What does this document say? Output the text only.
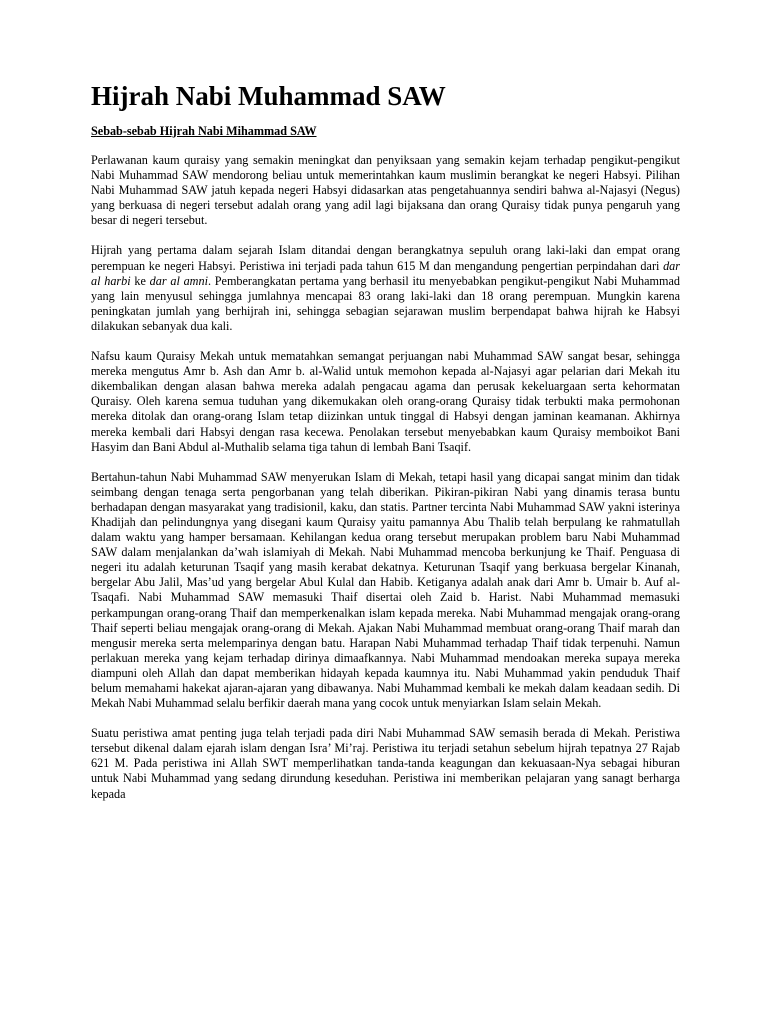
Hijrah Nabi Muhammad SAW
Sebab-sebab Hijrah Nabi Mihammad SAW

Perlawanan kaum quraisy yang semakin meningkat dan penyiksaan yang semakin kejam terhadap pengikut-pengikut Nabi Muhammad SAW mendorong beliau untuk memerintahkan kaum muslimin berangkat ke negeri Habsyi. Pilihan Nabi Muhammad SAW jatuh kepada negeri Habsyi didasarkan atas pengetahuannya sendiri bahwa al-Najasyi (Negus) yang berkuasa di negeri tersebut adalah orang yang adil lagi bijaksana dan orang Quraisy tidak punya pengaruh yang besar di negeri tersebut.

Hijrah yang pertama dalam sejarah Islam ditandai dengan berangkatnya sepuluh orang laki-laki dan empat orang perempuan ke negeri Habsyi. Peristiwa ini terjadi pada tahun 615 M dan mengandung pengertian perpindahan dari dar al harbi ke dar al amni. Pemberangkatan pertama yang berhasil itu menyebabkan pengikut-pengikut Nabi Muhammad yang lain menyusul sehingga jumlahnya mencapai 83 orang laki-laki dan 18 orang perempuan. Mungkin karena peningkatan jumlah yang berhijrah ini, sehingga sebagian sejarawan muslim berpendapat bahwa hijrah ke Habsyi dilakukan sebanyak dua kali.

Nafsu kaum Quraisy Mekah untuk mematahkan semangat perjuangan nabi Muhammad SAW sangat besar, sehingga mereka mengutus Amr b. Ash dan Amr b. al-Walid untuk memohon kepada al-Najasyi agar pelarian dari Mekah itu dikembalikan dengan alasan bahwa mereka adalah pengacau agama dan perusak kekeluargaan serta kehormatan Quraisy. Oleh karena semua tuduhan yang dikemukakan oleh orang-orang Quraisy tidak terbukti maka permohonan mereka ditolak dan orang-orang Islam tetap diizinkan untuk tinggal di Habsyi dengan jaminan keamanan. Akhirnya mereka kembali dari Habsyi dengan rasa kecewa. Penolakan tersebut menyebabkan kaum Quraisy memboikot Bani Hasyim dan Bani Abdul al-Muthalib selama tiga tahun di lembah Bani Tsaqif.

Bertahun-tahun Nabi Muhammad SAW menyerukan Islam di Mekah, tetapi hasil yang dicapai sangat minim dan tidak seimbang dengan tenaga serta pengorbanan yang telah diberikan. Pikiran-pikiran Nabi yang dinamis terasa buntu berhadapan dengan masyarakat yang tradisionil, kaku, dan statis. Partner tercinta Nabi Muhammad SAW yakni isterinya Khadijah dan pelindungnya yang disegani kaum Quraisy yaitu pamannya Abu Thalib telah berpulang ke rahmatullah dalam waktu yang hamper bersamaan. Kehilangan kedua orang tersebut merupakan problem baru Nabi Muhammad SAW dalam menjalankan da’wah islamiyah di Mekah. Nabi Muhammad mencoba berkunjung ke Thaif. Penguasa di negeri itu adalah keturunan Tsaqif yang masih kerabat dekatnya. Keturunan Tsaqif yang berkuasa bergelar Kinanah, bergelar Abu Jalil, Mas’ud yang bergelar Abul Kulal dan Habib. Ketiganya adalah anak dari Amr b. Umair b. Auf al-Tsaqafi. Nabi Muhammad SAW memasuki Thaif disertai oleh Zaid b. Harist. Nabi Muhammad memasuki perkampungan orang-orang Thaif dan memperkenalkan islam kepada mereka. Nabi Muhammad mengajak orang-orang Thaif seperti beliau mengajak orang-orang di Mekah. Ajakan Nabi Muhammad membuat orang-orang Thaif marah dan mengusir mereka serta melemparinya dengan batu. Harapan Nabi Muhammad terhadap Thaif tidak terpenuhi. Namun perlakuan mereka yang kejam terhadap dirinya dimaafkannya. Nabi Muhammad mendoakan mereka supaya mereka diampuni oleh Allah dan dapat memberikan hidayah kepada kaumnya itu. Nabi Muhammad yakin penduduk Thaif belum memahami hakekat ajaran-ajaran yang dibawanya. Nabi Muhammad kembali ke mekah dalam keadaan sedih. Di Mekah Nabi Muhammad selalu berfikir daerah mana yang cocok untuk menyiarkan Islam selain Mekah.

Suatu peristiwa amat penting juga telah terjadi pada diri Nabi Muhammad SAW semasih berada di Mekah. Peristiwa tersebut dikenal dalam ejarah islam dengan Isra’ Mi’raj. Peristiwa itu terjadi setahun sebelum hijrah tepatnya 27 Rajab 621 M. Pada peristiwa ini Allah SWT memperlihatkan tanda-tanda keagungan dan kekuasaan-Nya sebagai hiburan untuk Nabi Muhammad yang sedang dirundung keseduhan. Peristiwa ini memberikan pelajaran yang sanagt berharga kepada
